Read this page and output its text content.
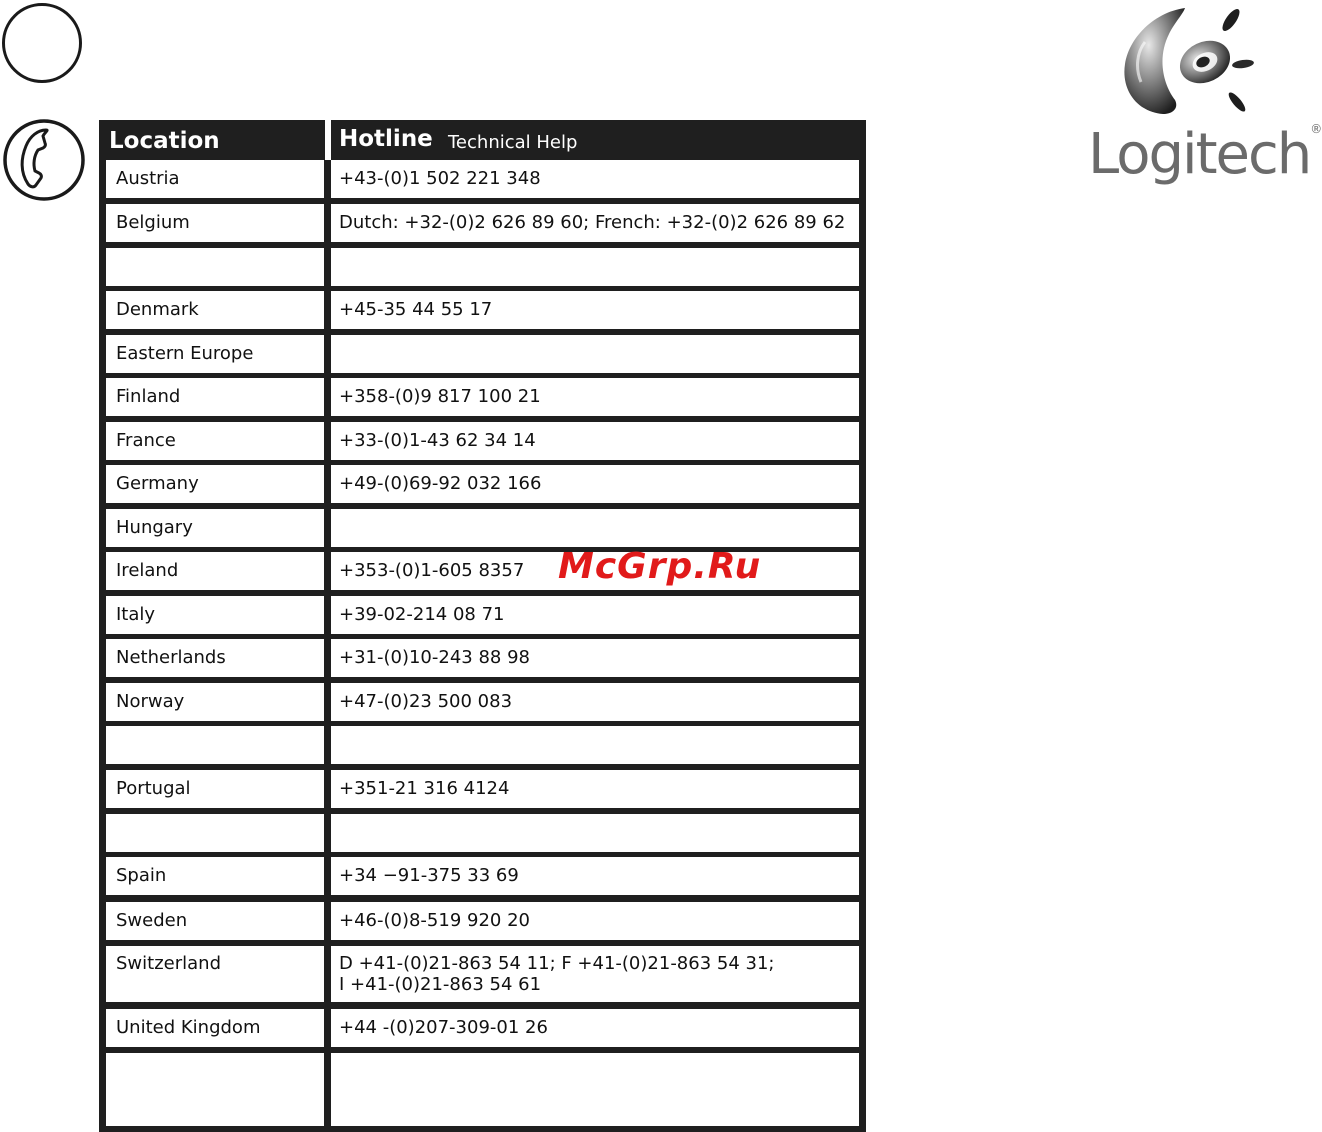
Location	Hotline Technical Help
Austria	+43-(0)1 502 221 348
Belgium	Dutch: +32-(0)2 626 89 60; French: +32-(0)2 626 89 62
Denmark	+45-35 44 55 17
Eastern Europe
Finland	+358-(0)9 817 100 21
France	+33-(0)1-43 62 34 14
Germany	+49-(0)69-92 032 166
Hungary
Ireland	+353-(0)1-605 8357
Italy	+39-02-214 08 71
Netherlands	+31-(0)10-243 88 98
Norway	+47-(0)23 500 083
Portugal	+351-21 316 4124
Spain	+34 −91-375 33 69
Sweden	+46-(0)8-519 920 20
Switzerland	D +41-(0)21-863 54 11; F +41-(0)21-863 54 31;
I +41-(0)21-863 54 61
United Kingdom	+44 -(0)207-309-01 26
Logitech®
McGrp.Ru
